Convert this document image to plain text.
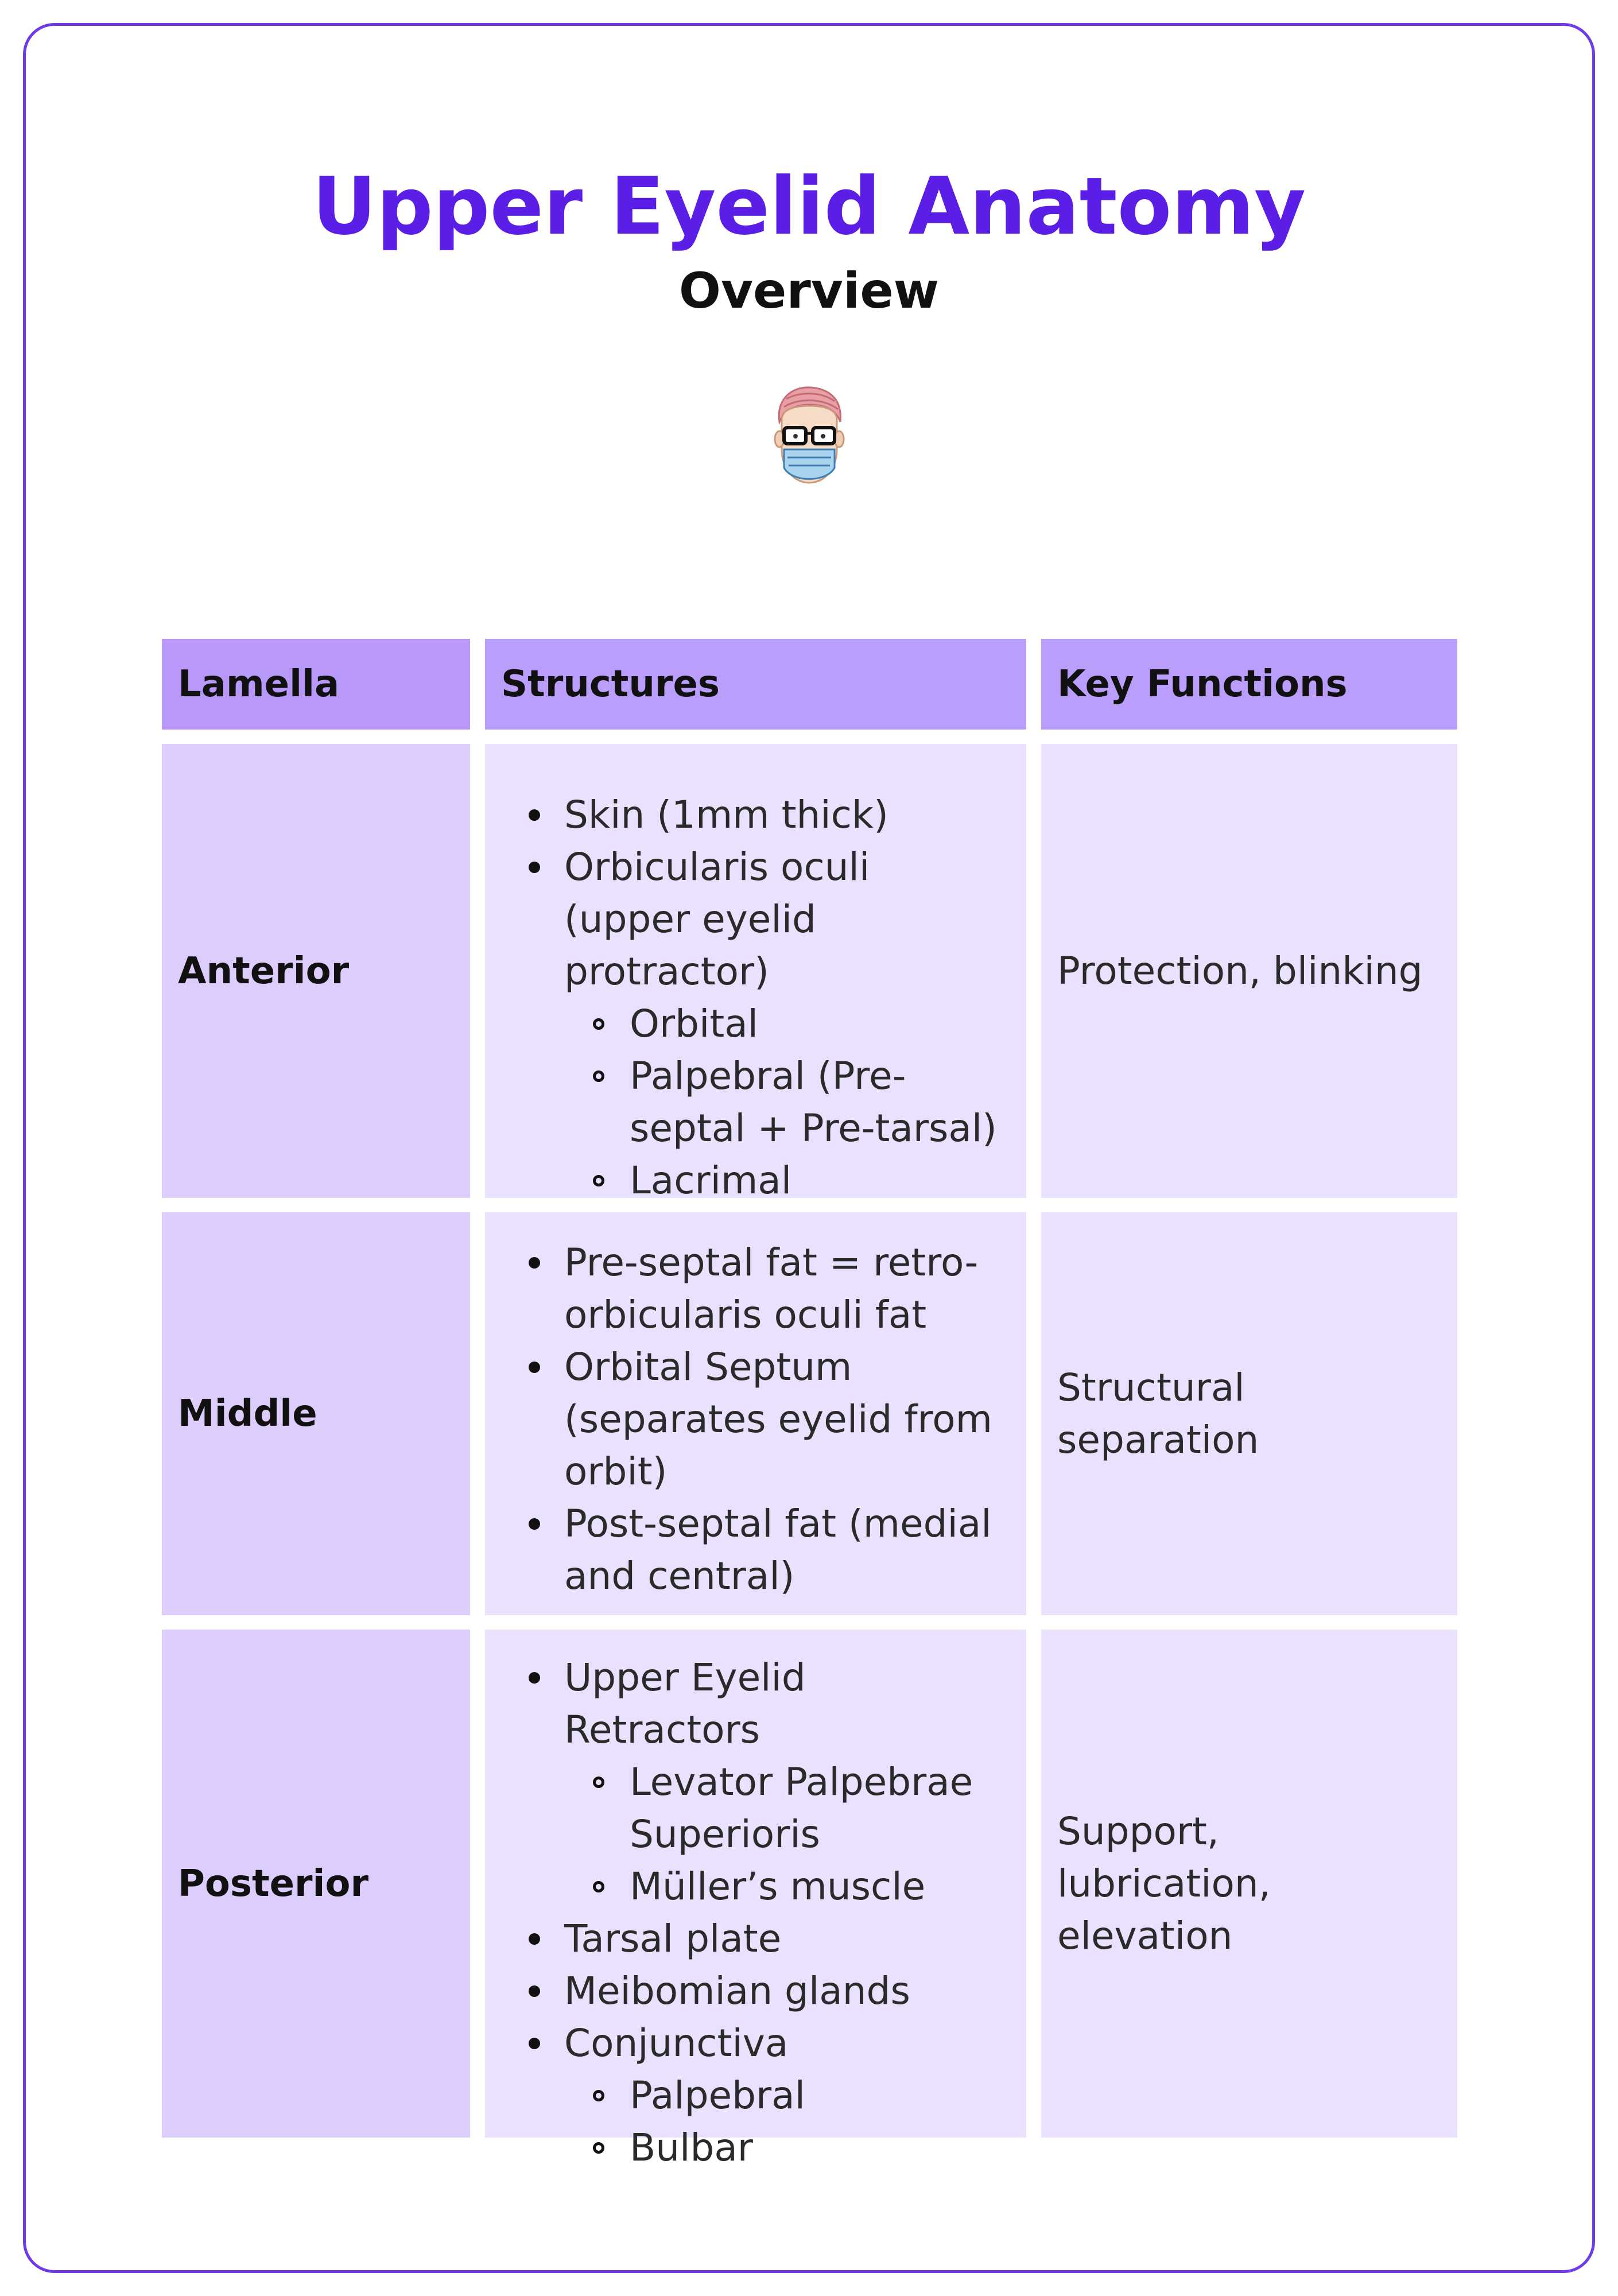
Upper Eyelid Anatomy
Overview
Lamella	Structures	Key Functions
Anterior
Skin (1mm thick)
Orbicularis oculi (upper eyelid protractor)
Orbital
Palpebral (Pre-septal + Pre-tarsal)
Lacrimal
Protection, blinking
Middle
Pre-septal fat = retro-orbicularis oculi fat
Orbital Septum (separates eyelid from orbit)
Post-septal fat (medial and central)
Structural separation
Posterior
Upper Eyelid Retractors
Levator Palpebrae Superioris
Müller’s muscle
Tarsal plate
Meibomian glands
Conjunctiva
Palpebral
Bulbar
Support, lubrication, elevation
